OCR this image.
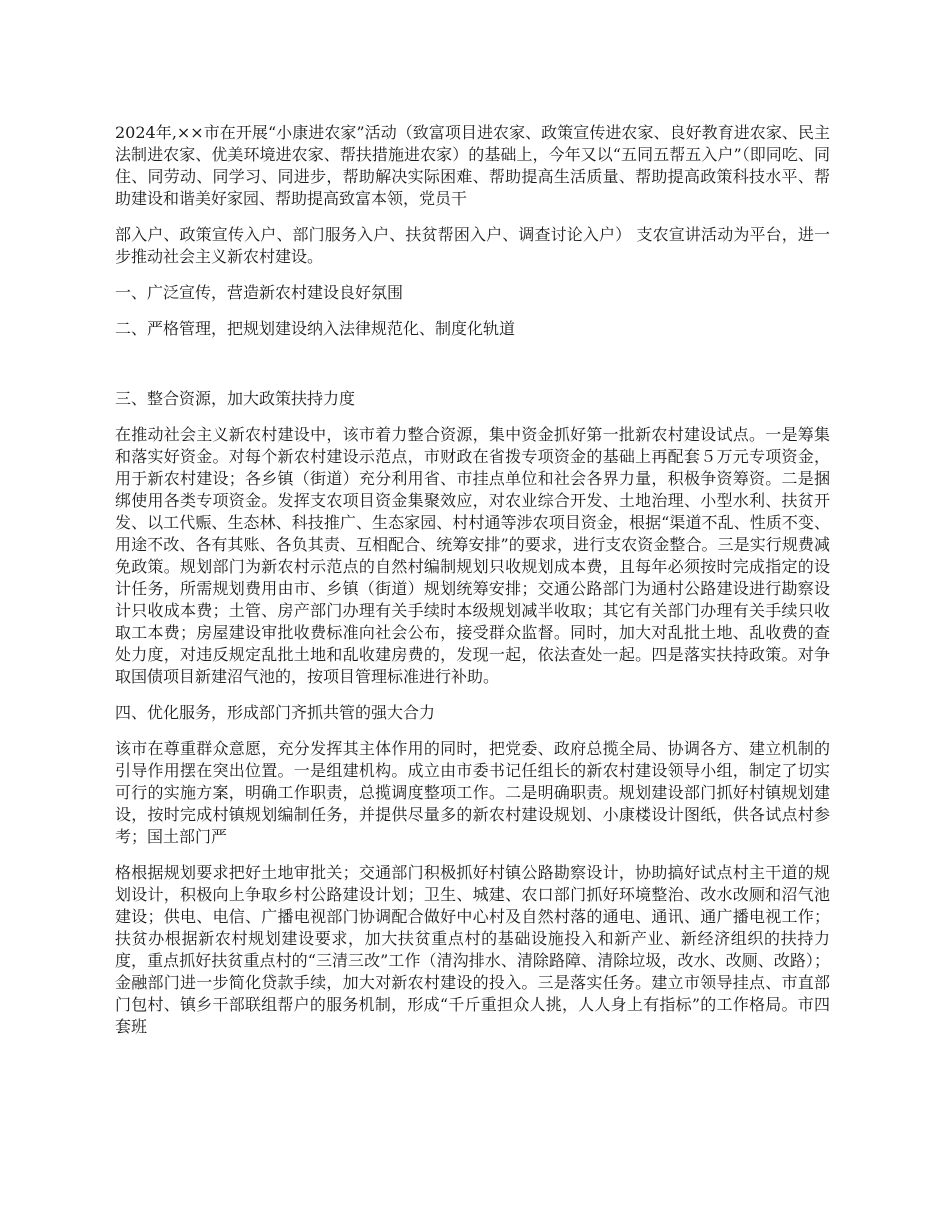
2024年,××市在开展“小康进农家”活动（致富项目进农家、政策宣传进农家、良好教育进农家、民主法制进农家、优美环境进农家、帮扶措施进农家）的基础上，今年又以“五同五帮五入户”（即同吃、同住、同劳动、同学习、同进步，帮助解决实际困难、帮助提高生活质量、帮助提高政策科技水平、帮助建设和谐美好家园、帮助提高致富本领，党员干

部入户、政策宣传入户、部门服务入户、扶贫帮困入户、调查讨论入户） 支农宣讲活动为平台，进一步推动社会主义新农村建设。

一、广泛宣传，营造新农村建设良好氛围

二、严格管理，把规划建设纳入法律规范化、制度化轨道

三、整合资源，加大政策扶持力度

在推动社会主义新农村建设中，该市着力整合资源，集中资金抓好第一批新农村建设试点。一是筹集和落实好资金。对每个新农村建设示范点，市财政在省拨专项资金的基础上再配套５万元专项资金，用于新农村建设；各乡镇（街道）充分利用省、市挂点单位和社会各界力量，积极争资筹资。二是捆绑使用各类专项资金。发挥支农项目资金集聚效应，对农业综合开发、土地治理、小型水利、扶贫开发、以工代赈、生态林、科技推广、生态家园、村村通等涉农项目资金，根据“渠道不乱、性质不变、用途不改、各有其账、各负其责、互相配合、统筹安排”的要求，进行支农资金整合。三是实行规费减免政策。规划部门为新农村示范点的自然村编制规划只收规划成本费，且每年必须按时完成指定的设计任务，所需规划费用由市、乡镇（街道）规划统筹安排；交通公路部门为通村公路建设进行勘察设计只收成本费；土管、房产部门办理有关手续时本级规划减半收取；其它有关部门办理有关手续只收取工本费；房屋建设审批收费标准向社会公布，接受群众监督。同时，加大对乱批土地、乱收费的查处力度，对违反规定乱批土地和乱收建房费的，发现一起，依法查处一起。四是落实扶持政策。对争取国债项目新建沼气池的，按项目管理标准进行补助。

四、优化服务，形成部门齐抓共管的强大合力

该市在尊重群众意愿，充分发挥其主体作用的同时，把党委、政府总揽全局、协调各方、建立机制的引导作用摆在突出位置。一是组建机构。成立由市委书记任组长的新农村建设领导小组，制定了切实可行的实施方案，明确工作职责，总揽调度整项工作。二是明确职责。规划建设部门抓好村镇规划建设，按时完成村镇规划编制任务，并提供尽量多的新农村建设规划、小康楼设计图纸，供各试点村参考；国土部门严

格根据规划要求把好土地审批关；交通部门积极抓好村镇公路勘察设计，协助搞好试点村主干道的规划设计，积极向上争取乡村公路建设计划；卫生、城建、农口部门抓好环境整治、改水改厕和沼气池建设；供电、电信、广播电视部门协调配合做好中心村及自然村落的通电、通讯、通广播电视工作；扶贫办根据新农村规划建设要求，加大扶贫重点村的基础设施投入和新产业、新经济组织的扶持力度，重点抓好扶贫重点村的“三清三改”工作（清沟排水、清除路障、清除垃圾，改水、改厕、改路）；金融部门进一步简化贷款手续，加大对新农村建设的投入。三是落实任务。建立市领导挂点、市直部门包村、镇乡干部联组帮户的服务机制，形成“千斤重担众人挑，人人身上有指标”的工作格局。市四套班
